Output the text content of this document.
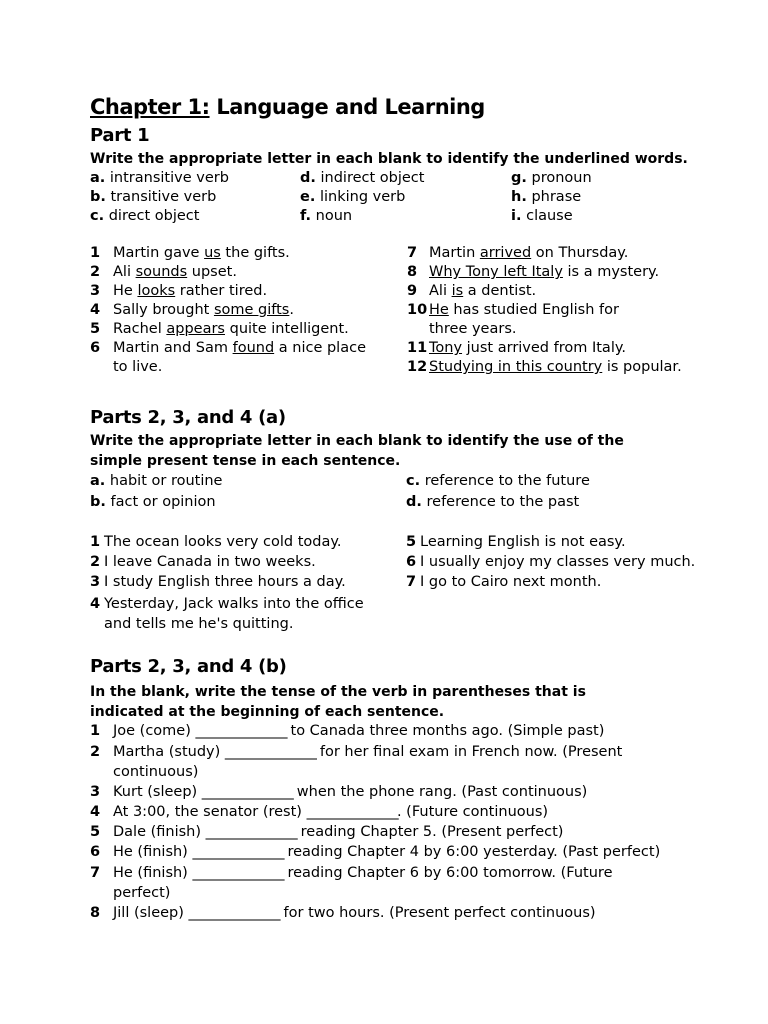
Chapter 1: Language and Learning
Part 1
Write the appropriate letter in each blank to identify the underlined words.
a. intransitive verb
b. transitive verb
c. direct object
d. indirect object
e. linking verb
f. noun
g. pronoun
h. phrase
i. clause
1 Martin gave us the gifts.
2 Ali sounds upset.
3 He looks rather tired.
4 Sally brought some gifts.
5 Rachel appears quite intelligent.
6 Martin and Sam found a nice place to live.
7 Martin arrived on Thursday.
8 Why Tony left Italy is a mystery.
9 Ali is a dentist.
10 He has studied English for three years.
11 Tony just arrived from Italy.
12 Studying in this country is popular.
Parts 2, 3, and 4 (a)
Write the appropriate letter in each blank to identify the use of the simple present tense in each sentence.
a. habit or routine
b. fact or opinion
c. reference to the future
d. reference to the past
1 The ocean looks very cold today.
2 I leave Canada in two weeks.
3 I study English three hours a day.
4 Yesterday, Jack walks into the office and tells me he's quitting.
5 Learning English is not easy.
6 I usually enjoy my classes very much.
7 I go to Cairo next month.
Parts 2, 3, and 4 (b)
In the blank, write the tense of the verb in parentheses that is indicated at the beginning of each sentence.
1 Joe (come) ________________ to Canada three months ago. (Simple past)
2 Martha (study) ________________ for her final exam in French now. (Present continuous)
3 Kurt (sleep) ________________ when the phone rang. (Past continuous)
4 At 3:00, the senator (rest) ________________. (Future continuous)
5 Dale (finish) ________________ reading Chapter 5. (Present perfect)
6 He (finish) ________________ reading Chapter 4 by 6:00 yesterday. (Past perfect)
7 He (finish) ________________ reading Chapter 6 by 6:00 tomorrow. (Future perfect)
8 Jill (sleep) ________________ for two hours. (Present perfect continuous)
